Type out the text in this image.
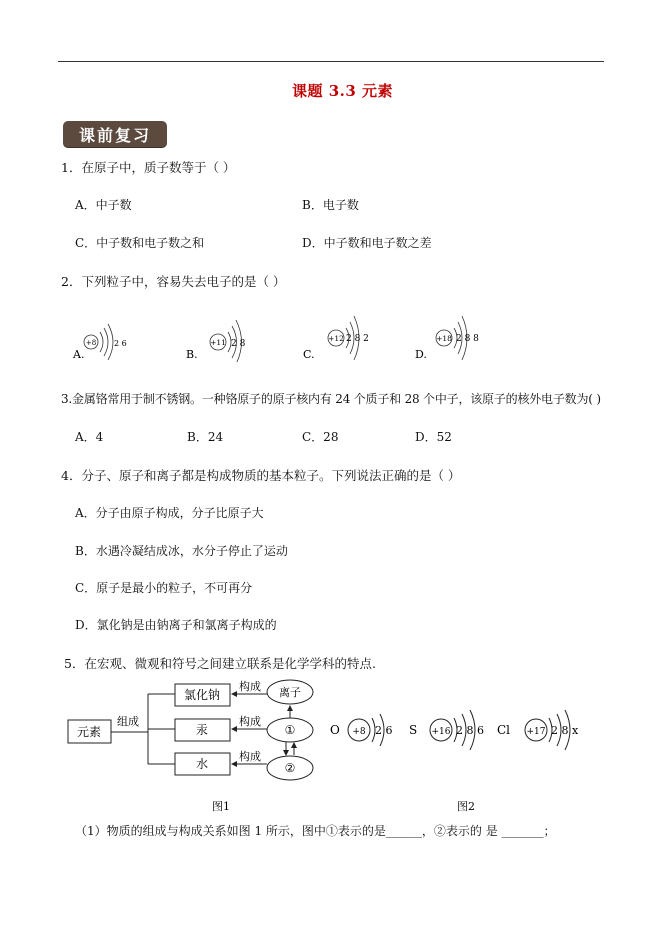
课题 3.3 元素
课前复习
1．在原子中，质子数等于（ ）
A．中子数	B．电子数
C．中子数和电子数之和	D．中子数和电子数之差
2．下列粒子中，容易失去电子的是（ ）
A.
+8 2 6
B.
+11 2 8
C.
+12 2 8 2
D.
+18 2 8 8
3.金属铬常用于制不锈钢。一种铬原子的原子核内有 24 个质子和 28 个中子，该原子的核外电子数为( )
A．4	B．24	C．28	D．52
4．分子、原子和离子都是构成物质的基本粒子。下列说法正确的是（ ）
A．分子由原子构成，分子比原子大
B．水遇冷凝结成冰，水分子停止了运动
C．原子是最小的粒子，不可再分
D．氯化钠是由钠离子和氯离子构成的
5．在宏观、微观和符号之间建立联系是化学学科的特点.
元素
组成
氯化钠
汞
水
构成
构成
构成
离子
①
②
图1
O +8 2 6 S +16 2 8 6 Cl +17 2 8 x
图2
（1）物质的组成与构成关系如图 1 所示，图中①表示的是______，②表示的 是 _______；
